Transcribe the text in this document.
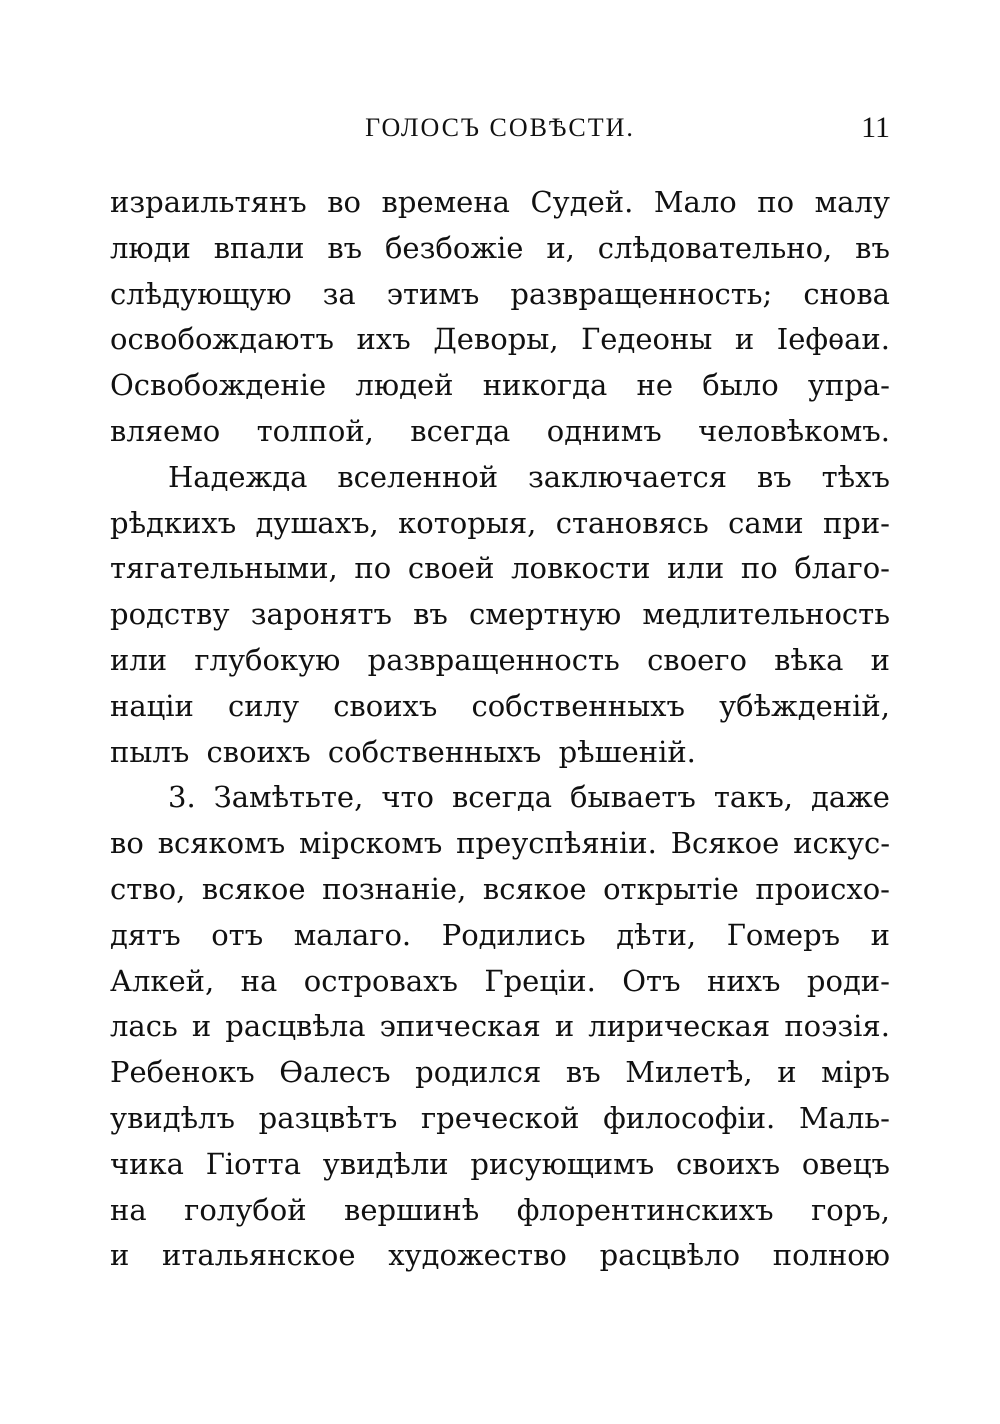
ГОЛОСЪ СОВѢСТИ.	11
израильтянъ во времена Судей. Мало по малу
люди впали въ безбожіе и, слѣдовательно, въ
слѣдующую за этимъ развращенность; снова
освобождаютъ ихъ Деворы, Гедеоны и Іефѳаи.
Освобожденіе людей никогда не было упра-
вляемо толпой, всегда однимъ человѣкомъ.
Надежда вселенной заключается въ тѣхъ
рѣдкихъ душахъ, которыя, становясь сами при-
тягательными, по своей ловкости или по благо-
родству заронятъ въ смертную медлительность
или глубокую развращенность своего вѣка и
націи силу своихъ собственныхъ убѣжденій,
пылъ своихъ собственныхъ рѣшеній.
3. Замѣтьте, что всегда бываетъ такъ, даже
во всякомъ мірскомъ преуспѣяніи. Всякое искус-
ство, всякое познаніе, всякое открытіе происхо-
дятъ отъ малаго. Родились дѣти, Гомеръ и
Алкей, на островахъ Греціи. Отъ нихъ роди-
лась и расцвѣла эпическая и лирическая поэзія.
Ребенокъ Ѳалесъ родился въ Милетѣ, и міръ
увидѣлъ разцвѣтъ греческой философіи. Маль-
чика Гіотта увидѣли рисующимъ своихъ овецъ
на голубой вершинѣ флорентинскихъ горъ,
и итальянское художество расцвѣло полною
